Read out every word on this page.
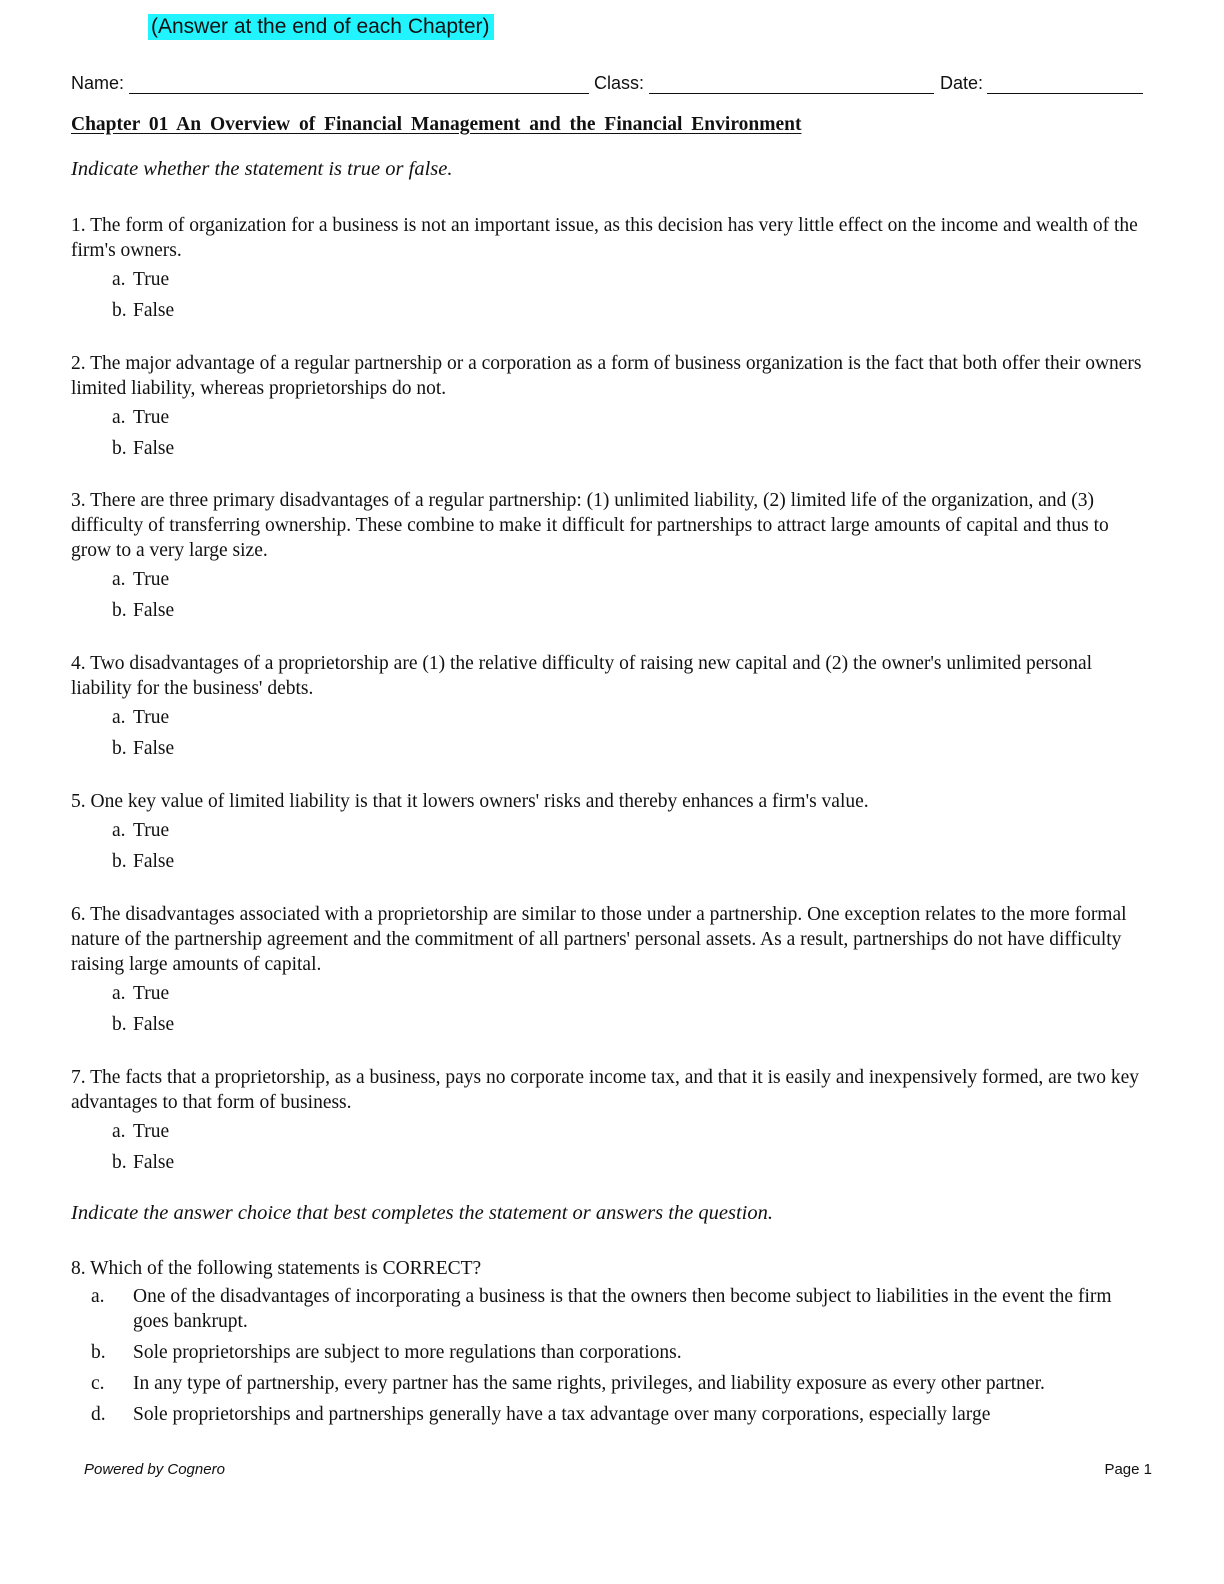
(Answer at the end of each Chapter)
Name:	Class:	Date:
Chapter 01 An Overview of Financial Management and the Financial Environment
Indicate whether the statement is true or false.

1. The form of organization for a business is not an important issue, as this decision has very little effect on the income and wealth of the firm's owners.

a. True
b. False

2. The major advantage of a regular partnership or a corporation as a form of business organization is the fact that both offer their owners limited liability, whereas proprietorships do not.

a. True
b. False

3. There are three primary disadvantages of a regular partnership: (1) unlimited liability, (2) limited life of the organization, and (3) difficulty of transferring ownership. These combine to make it difficult for partnerships to attract large amounts of capital and thus to grow to a very large size.

a. True
b. False

4. Two disadvantages of a proprietorship are (1) the relative difficulty of raising new capital and (2) the owner's unlimited personal liability for the business' debts.

a. True
b. False

5. One key value of limited liability is that it lowers owners' risks and thereby enhances a firm's value.

a. True
b. False

6. The disadvantages associated with a proprietorship are similar to those under a partnership. One exception relates to the more formal nature of the partnership agreement and the commitment of all partners' personal assets. As a result, partnerships do not have difficulty raising large amounts of capital.

a. True
b. False

7. The facts that a proprietorship, as a business, pays no corporate income tax, and that it is easily and inexpensively formed, are two key advantages to that form of business.

a. True
b. False
Indicate the answer choice that best completes the statement or answers the question.

8. Which of the following statements is CORRECT?

a. One of the disadvantages of incorporating a business is that the owners then become subject to liabilities in the event the firm goes bankrupt.
b. Sole proprietorships are subject to more regulations than corporations.
c. In any type of partnership, every partner has the same rights, privileges, and liability exposure as every other partner.
d. Sole proprietorships and partnerships generally have a tax advantage over many corporations, especially large
Powered by Cognero	Page 1
